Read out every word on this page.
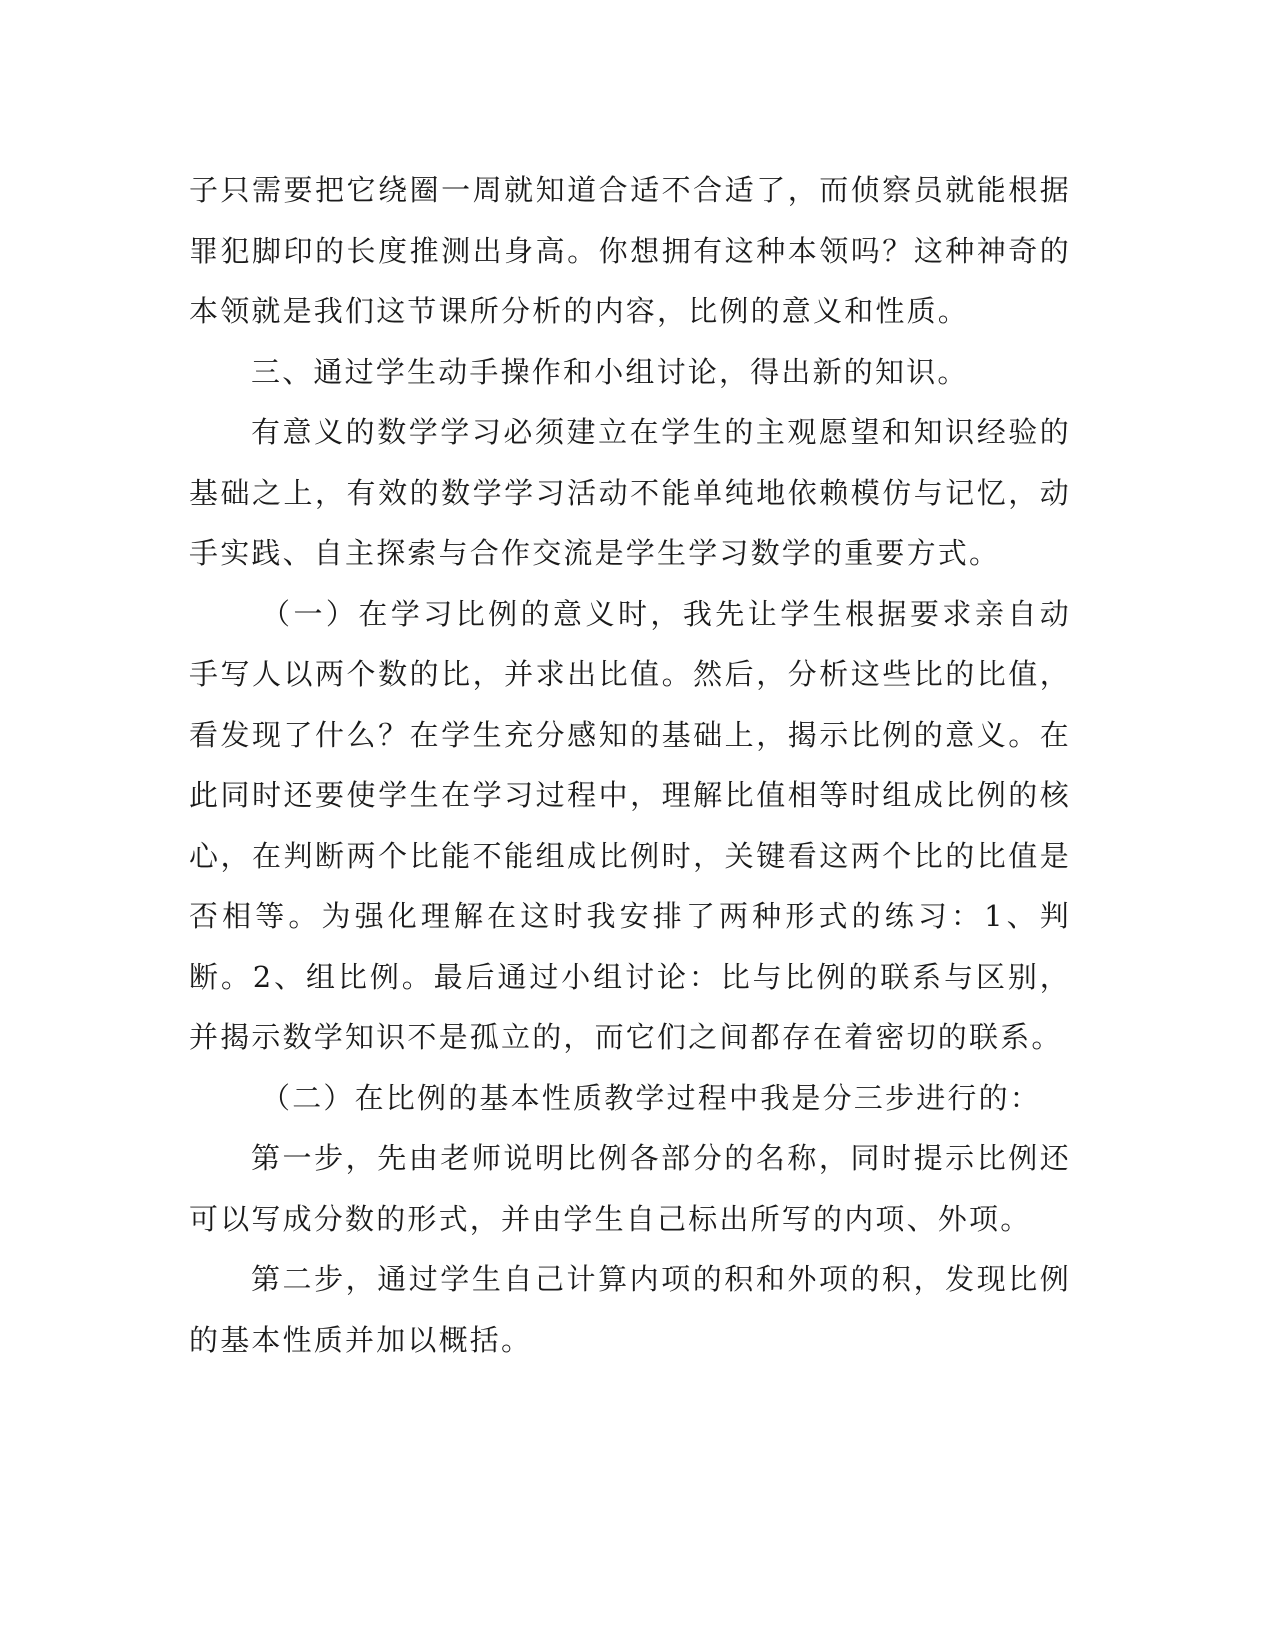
子只需要把它绕圈一周就知道合适不合适了，而侦察员就能根据罪犯脚印的长度推测出身高。你想拥有这种本领吗？这种神奇的本领就是我们这节课所分析的内容，比例的意义和性质。

三、通过学生动手操作和小组讨论，得出新的知识。

有意义的数学学习必须建立在学生的主观愿望和知识经验的基础之上，有效的数学学习活动不能单纯地依赖模仿与记忆，动手实践、自主探索与合作交流是学生学习数学的重要方式。

（一）在学习比例的意义时，我先让学生根据要求亲自动手写人以两个数的比，并求出比值。然后，分析这些比的比值，看发现了什么？在学生充分感知的基础上，揭示比例的意义。在此同时还要使学生在学习过程中，理解比值相等时组成比例的核心，在判断两个比能不能组成比例时，关键看这两个比的比值是否相等。为强化理解在这时我安排了两种形式的练习：1、判断。2、组比例。最后通过小组讨论：比与比例的联系与区别，并揭示数学知识不是孤立的，而它们之间都存在着密切的联系。

（二）在比例的基本性质教学过程中我是分三步进行的：

第一步，先由老师说明比例各部分的名称，同时提示比例还可以写成分数的形式，并由学生自己标出所写的内项、外项。

第二步，通过学生自己计算内项的积和外项的积，发现比例的基本性质并加以概括。
